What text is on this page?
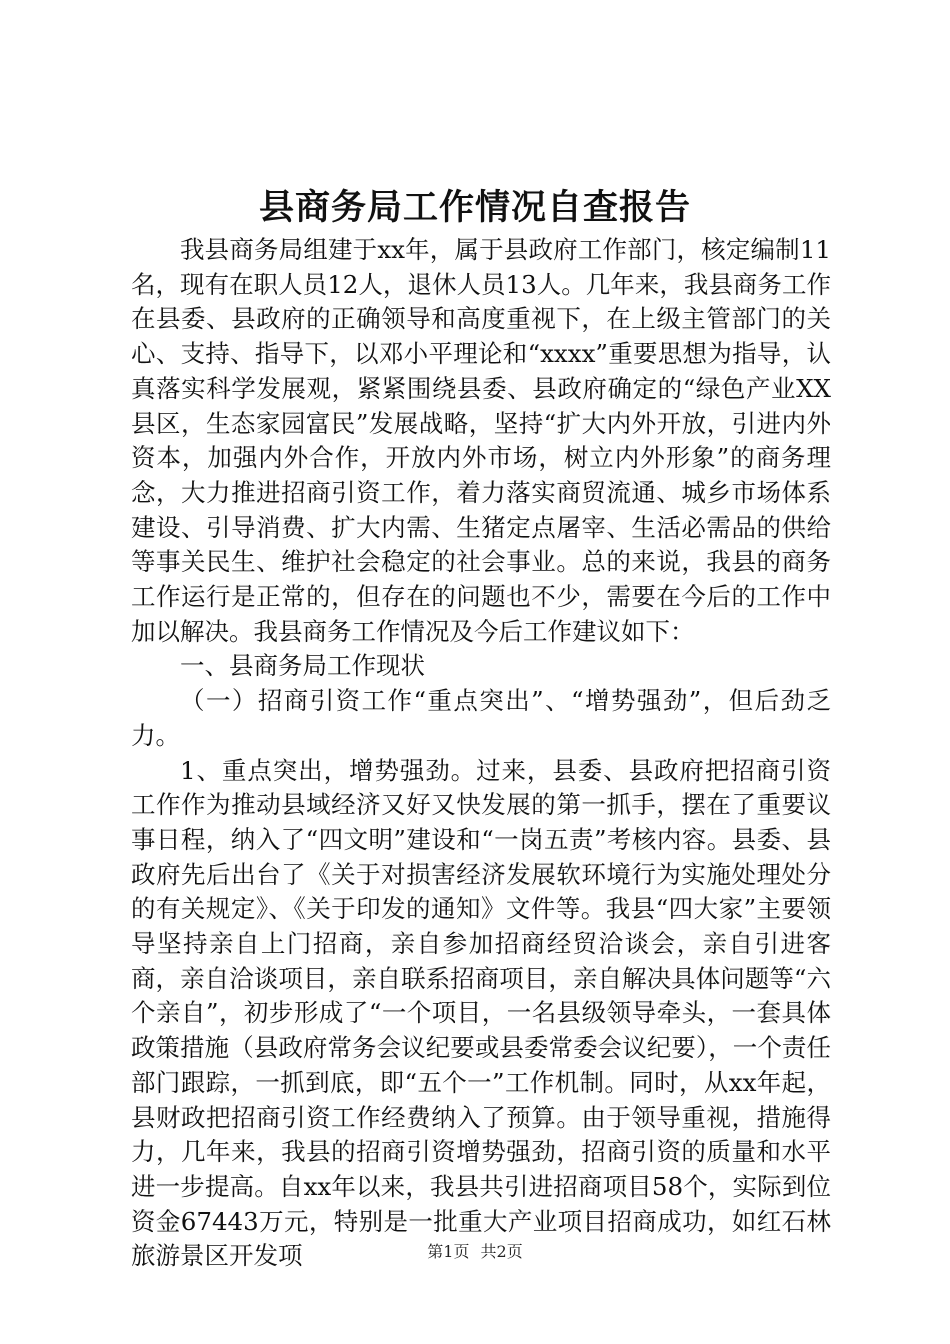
县商务局工作情况自查报告

我县商务局组建于xx年，属于县政府工作部门，核定编制11名，现有在职人员12人，退休人员13人。几年来，我县商务工作在县委、县政府的正确领导和高度重视下，在上级主管部门的关心、支持、指导下，以邓小平理论和“xxxx”重要思想为指导，认真落实科学发展观，紧紧围绕县委、县政府确定的“绿色产业XX县区，生态家园富民”发展战略，坚持“扩大内外开放，引进内外资本，加强内外合作，开放内外市场，树立内外形象”的商务理念，大力推进招商引资工作，着力落实商贸流通、城乡市场体系建设、引导消费、扩大内需、生猪定点屠宰、生活必需品的供给等事关民生、维护社会稳定的社会事业。总的来说，我县的商务工作运行是正常的，但存在的问题也不少，需要在今后的工作中加以解决。我县商务工作情况及今后工作建议如下：

一、县商务局工作现状

（一）招商引资工作“重点突出”、“增势强劲”，但后劲乏力。

1、重点突出，增势强劲。过来，县委、县政府把招商引资工作作为推动县域经济又好又快发展的第一抓手，摆在了重要议事日程，纳入了“四文明”建设和“一岗五责”考核内容。县委、县政府先后出台了《关于对损害经济发展软环境行为实施处理处分的有关规定》、《关于印发的通知》文件等。我县“四大家”主要领导坚持亲自上门招商，亲自参加招商经贸洽谈会，亲自引进客商，亲自洽谈项目，亲自联系招商项目，亲自解决具体问题等“六个亲自”，初步形成了“一个项目，一名县级领导牵头，一套具体政策措施（县政府常务会议纪要或县委常委会议纪要），一个责任部门跟踪，一抓到底，即“五个一”工作机制。同时，从xx年起，县财政把招商引资工作经费纳入了预算。由于领导重视，措施得力，几年来，我县的招商引资增势强劲，招商引资的质量和水平进一步提高。自xx年以来，我县共引进招商项目58个，实际到位资金67443万元，特别是一批重大产业项目招商成功，如红石林旅游景区开发项	第1页 共2页
